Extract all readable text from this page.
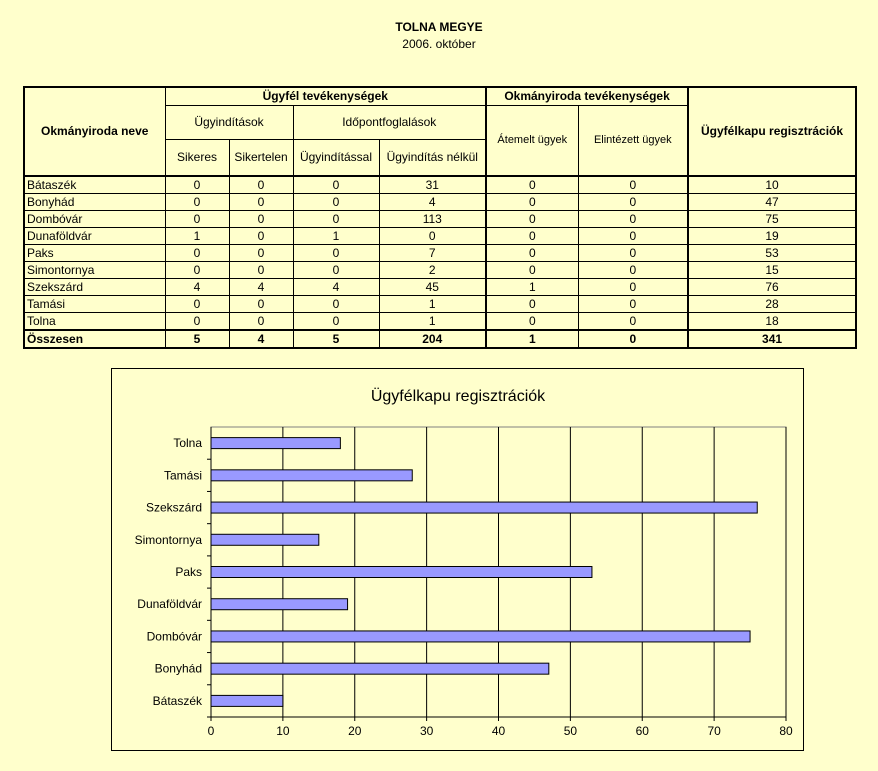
TOLNA MEGYE
2006. október
Okmányiroda neve	Ügyfél tevékenységek				Okmányiroda tevékenységek		Ügyfélkapu regisztrációk
	Ügyindítások		Időpontfoglalások		Átemelt ügyek	Elintézett ügyek	
	Sikeres	Sikertelen	Ügyindítással	Ügyindítás nélkül			
Bátaszék	0	0	0	31	0	0	10
Bonyhád	0	0	0	4	0	0	47
Dombóvár	0	0	0	113	0	0	75
Dunaföldvár	1	0	1	0	0	0	19
Paks	0	0	0	7	0	0	53
Simontornya	0	0	0	2	0	0	15
Szekszárd	4	4	4	45	1	0	76
Tamási	0	0	0	1	0	0	28
Tolna	0	0	0	1	0	0	18
Összesen	5	4	5	204	1	0	341
Ügyfélkapu regisztrációk
0	10	20	30	40	50	60	70	80
Bátaszék
Bonyhád
Dombóvár
Dunaföldvár
Paks
Simontornya
Szekszárd
Tamási
Tolna
